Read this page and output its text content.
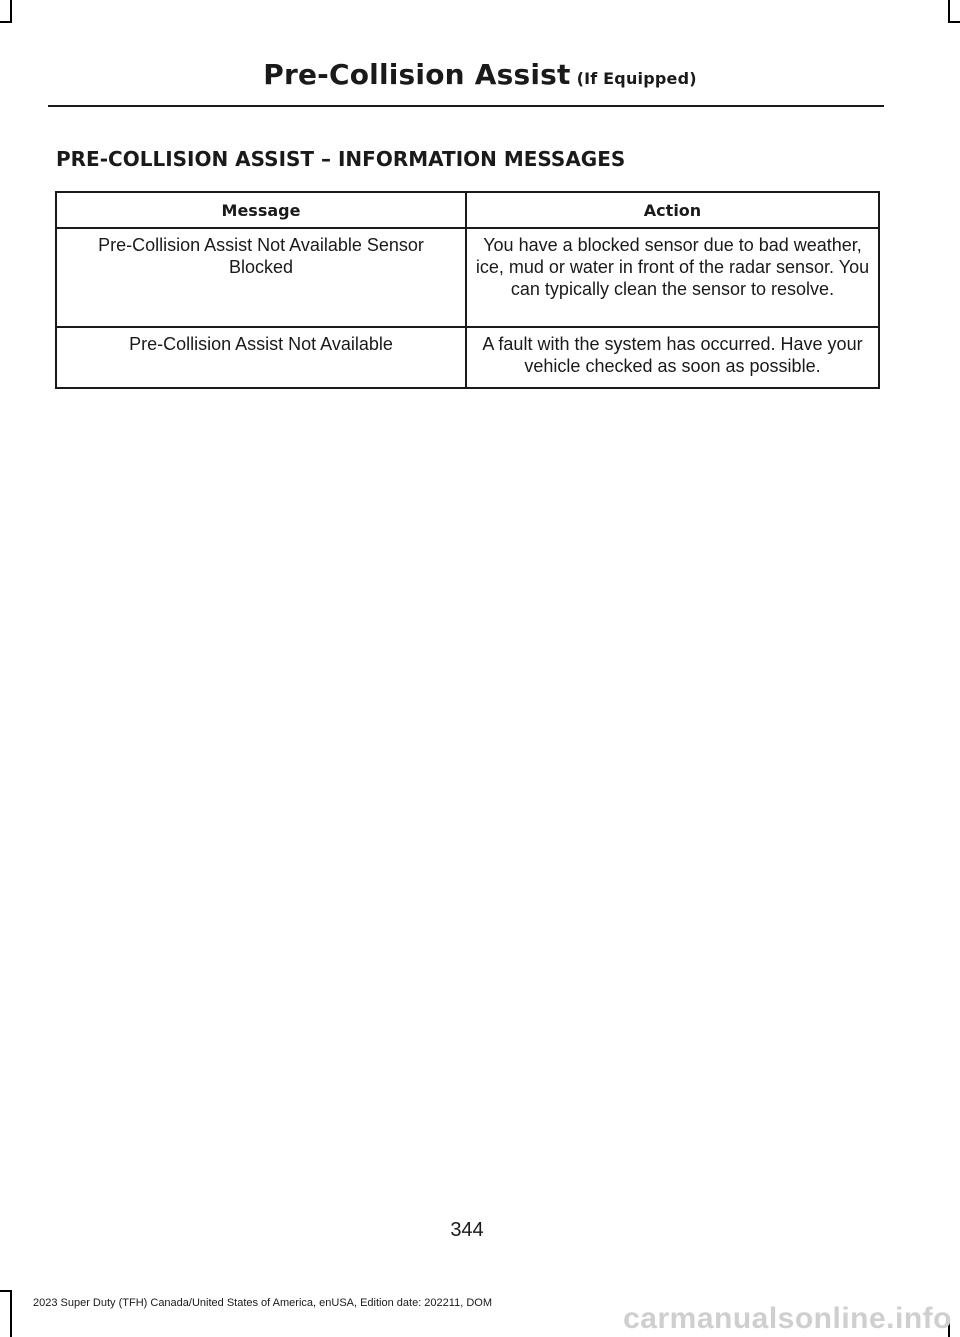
Pre-Collision Assist (If Equipped)
PRE-COLLISION ASSIST – INFORMATION MESSAGES
Message	Action
Pre-Collision Assist Not Available Sensor Blocked	You have a blocked sensor due to bad weather, ice, mud or water in front of the radar sensor. You can typically clean the sensor to resolve.
Pre-Collision Assist Not Available	A fault with the system has occurred. Have your vehicle checked as soon as possible.
344
2023 Super Duty (TFH) Canada/United States of America, enUSA, Edition date: 202211, DOM	carmanualsonline.info
